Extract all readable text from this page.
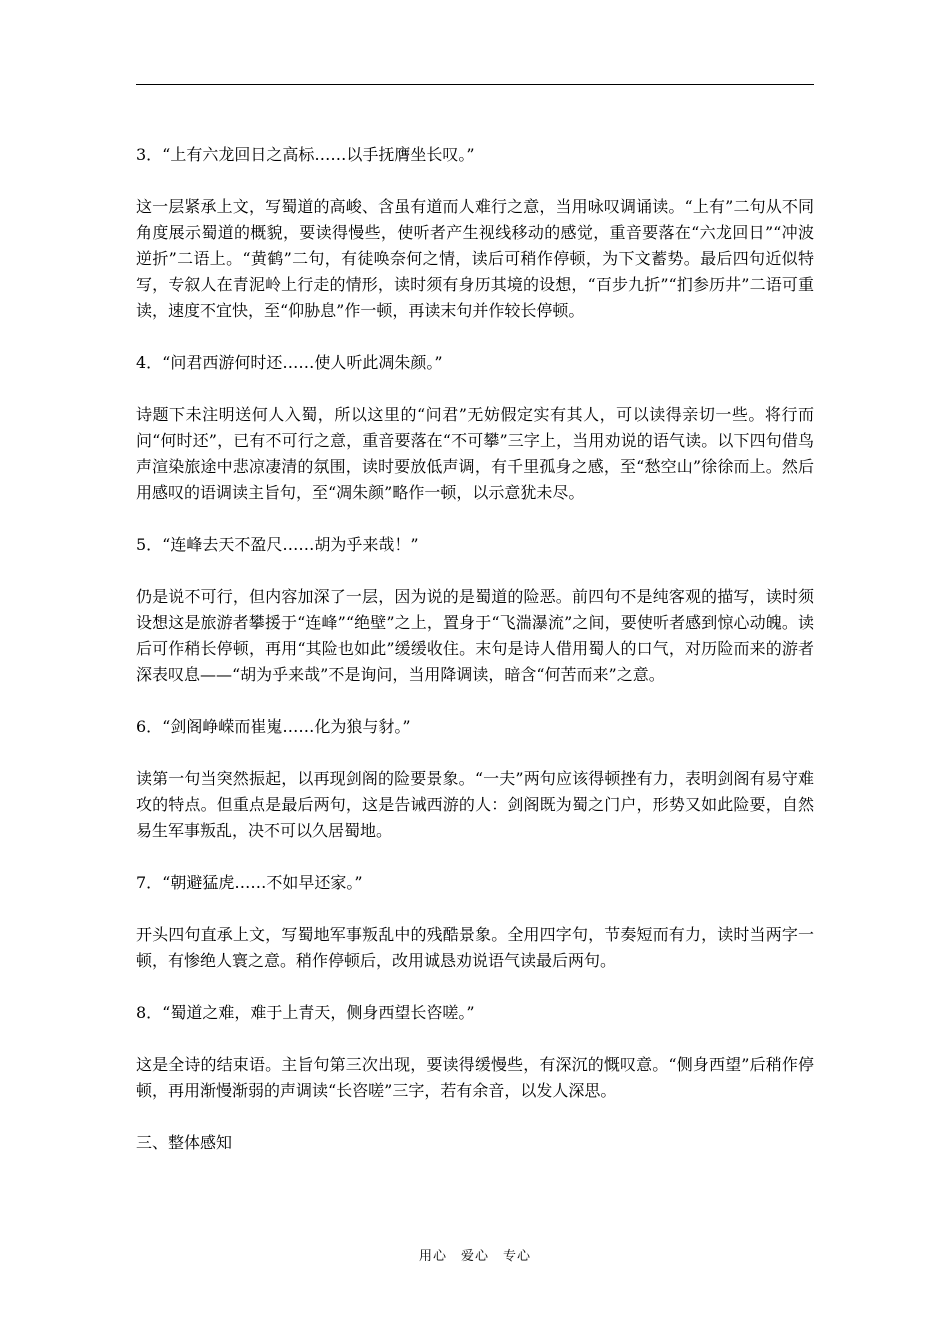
3．“上有六龙回日之高标……以手抚膺坐长叹。”
这一层紧承上文，写蜀道的高峻、含虽有道而人难行之意，当用咏叹调诵读。“上有”二句从不同角度展示蜀道的概貌，要读得慢些，使听者产生视线移动的感觉，重音要落在“六龙回日”“冲波逆折”二语上。“黄鹤”二句，有徒唤奈何之情，读后可稍作停顿，为下文蓄势。最后四句近似特写，专叙人在青泥岭上行走的情形，读时须有身历其境的设想，“百步九折”“扪参历井”二语可重读，速度不宜快，至“仰胁息”作一顿，再读末句并作较长停顿。
4．“问君西游何时还……使人听此凋朱颜。”
诗题下未注明送何人入蜀，所以这里的“问君”无妨假定实有其人，可以读得亲切一些。将行而问“何时还”，已有不可行之意，重音要落在“不可攀”三字上，当用劝说的语气读。以下四句借鸟声渲染旅途中悲凉凄清的氛围，读时要放低声调，有千里孤身之感，至“愁空山”徐徐而上。然后用感叹的语调读主旨句，至“凋朱颜”略作一顿，以示意犹未尽。
5．“连峰去天不盈尺……胡为乎来哉！”
仍是说不可行，但内容加深了一层，因为说的是蜀道的险恶。前四句不是纯客观的描写，读时须设想这是旅游者攀援于“连峰”“绝壁”之上，置身于“飞湍瀑流”之间，要使听者感到惊心动魄。读后可作稍长停顿，再用“其险也如此”缓缓收住。末句是诗人借用蜀人的口气，对历险而来的游者深表叹息——“胡为乎来哉”不是询问，当用降调读，暗含“何苦而来”之意。
6．“剑阁峥嵘而崔嵬……化为狼与豺。”
读第一句当突然振起，以再现剑阁的险要景象。“一夫”两句应该得顿挫有力，表明剑阁有易守难攻的特点。但重点是最后两句，这是告诫西游的人：剑阁既为蜀之门户，形势又如此险要，自然易生军事叛乱，决不可以久居蜀地。
7．“朝避猛虎……不如早还家。”
开头四句直承上文，写蜀地军事叛乱中的残酷景象。全用四字句，节奏短而有力，读时当两字一顿，有惨绝人寰之意。稍作停顿后，改用诚恳劝说语气读最后两句。
8．“蜀道之难，难于上青天，侧身西望长咨嗟。”
这是全诗的结束语。主旨句第三次出现，要读得缓慢些，有深沉的慨叹意。“侧身西望”后稍作停顿，再用渐慢渐弱的声调读“长咨嗟”三字，若有余音，以发人深思。
三、整体感知
用心　爱心　专心
